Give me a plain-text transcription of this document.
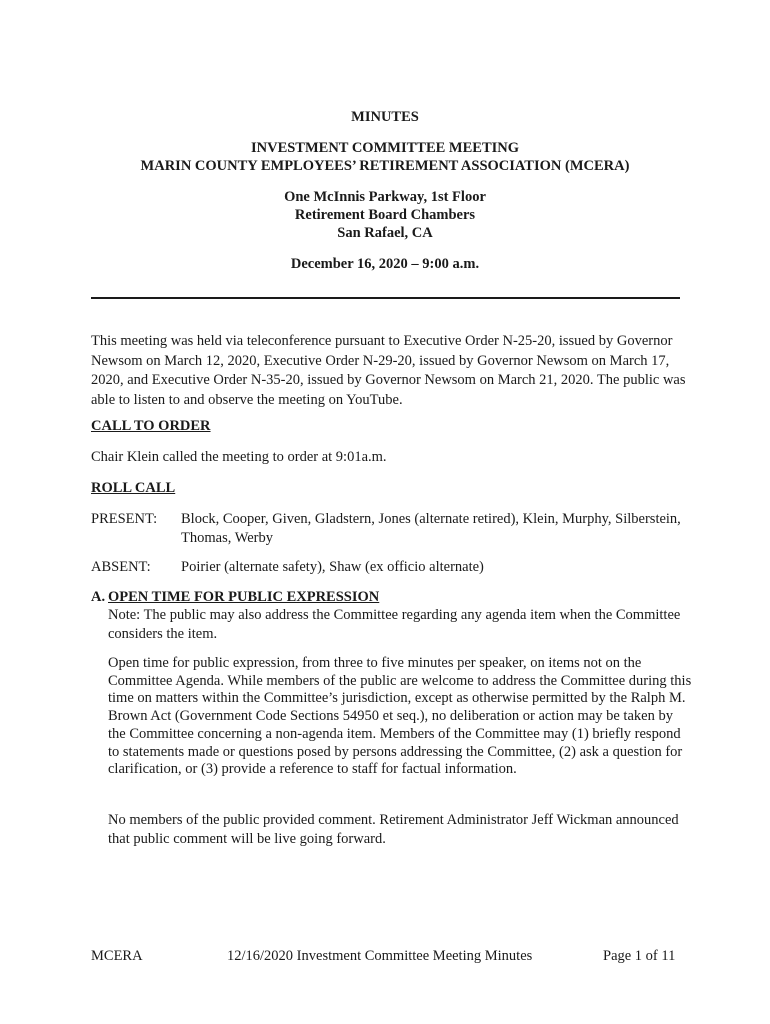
MINUTES
INVESTMENT COMMITTEE MEETING
MARIN COUNTY EMPLOYEES’ RETIREMENT ASSOCIATION (MCERA)
One McInnis Parkway, 1st Floor
Retirement Board Chambers
San Rafael, CA
December 16, 2020 – 9:00 a.m.
This meeting was held via teleconference pursuant to Executive Order N-25-20, issued by Governor Newsom on March 12, 2020, Executive Order N-29-20, issued by Governor Newsom on March 17, 2020, and Executive Order N-35-20, issued by Governor Newsom on March 21, 2020. The public was able to listen to and observe the meeting on YouTube.
CALL TO ORDER
Chair Klein called the meeting to order at 9:01a.m.
ROLL CALL
PRESENT: Block, Cooper, Given, Gladstern, Jones (alternate retired), Klein, Murphy, Silberstein, Thomas, Werby
ABSENT: Poirier (alternate safety), Shaw (ex officio alternate)
A. OPEN TIME FOR PUBLIC EXPRESSION
Note: The public may also address the Committee regarding any agenda item when the Committee considers the item.
Open time for public expression, from three to five minutes per speaker, on items not on the Committee Agenda. While members of the public are welcome to address the Committee during this time on matters within the Committee’s jurisdiction, except as otherwise permitted by the Ralph M. Brown Act (Government Code Sections 54950 et seq.), no deliberation or action may be taken by the Committee concerning a non-agenda item. Members of the Committee may (1) briefly respond to statements made or questions posed by persons addressing the Committee, (2) ask a question for clarification, or (3) provide a reference to staff for factual information.
No members of the public provided comment. Retirement Administrator Jeff Wickman announced that public comment will be live going forward.
MCERA	12/16/2020 Investment Committee Meeting Minutes	Page 1 of 11
